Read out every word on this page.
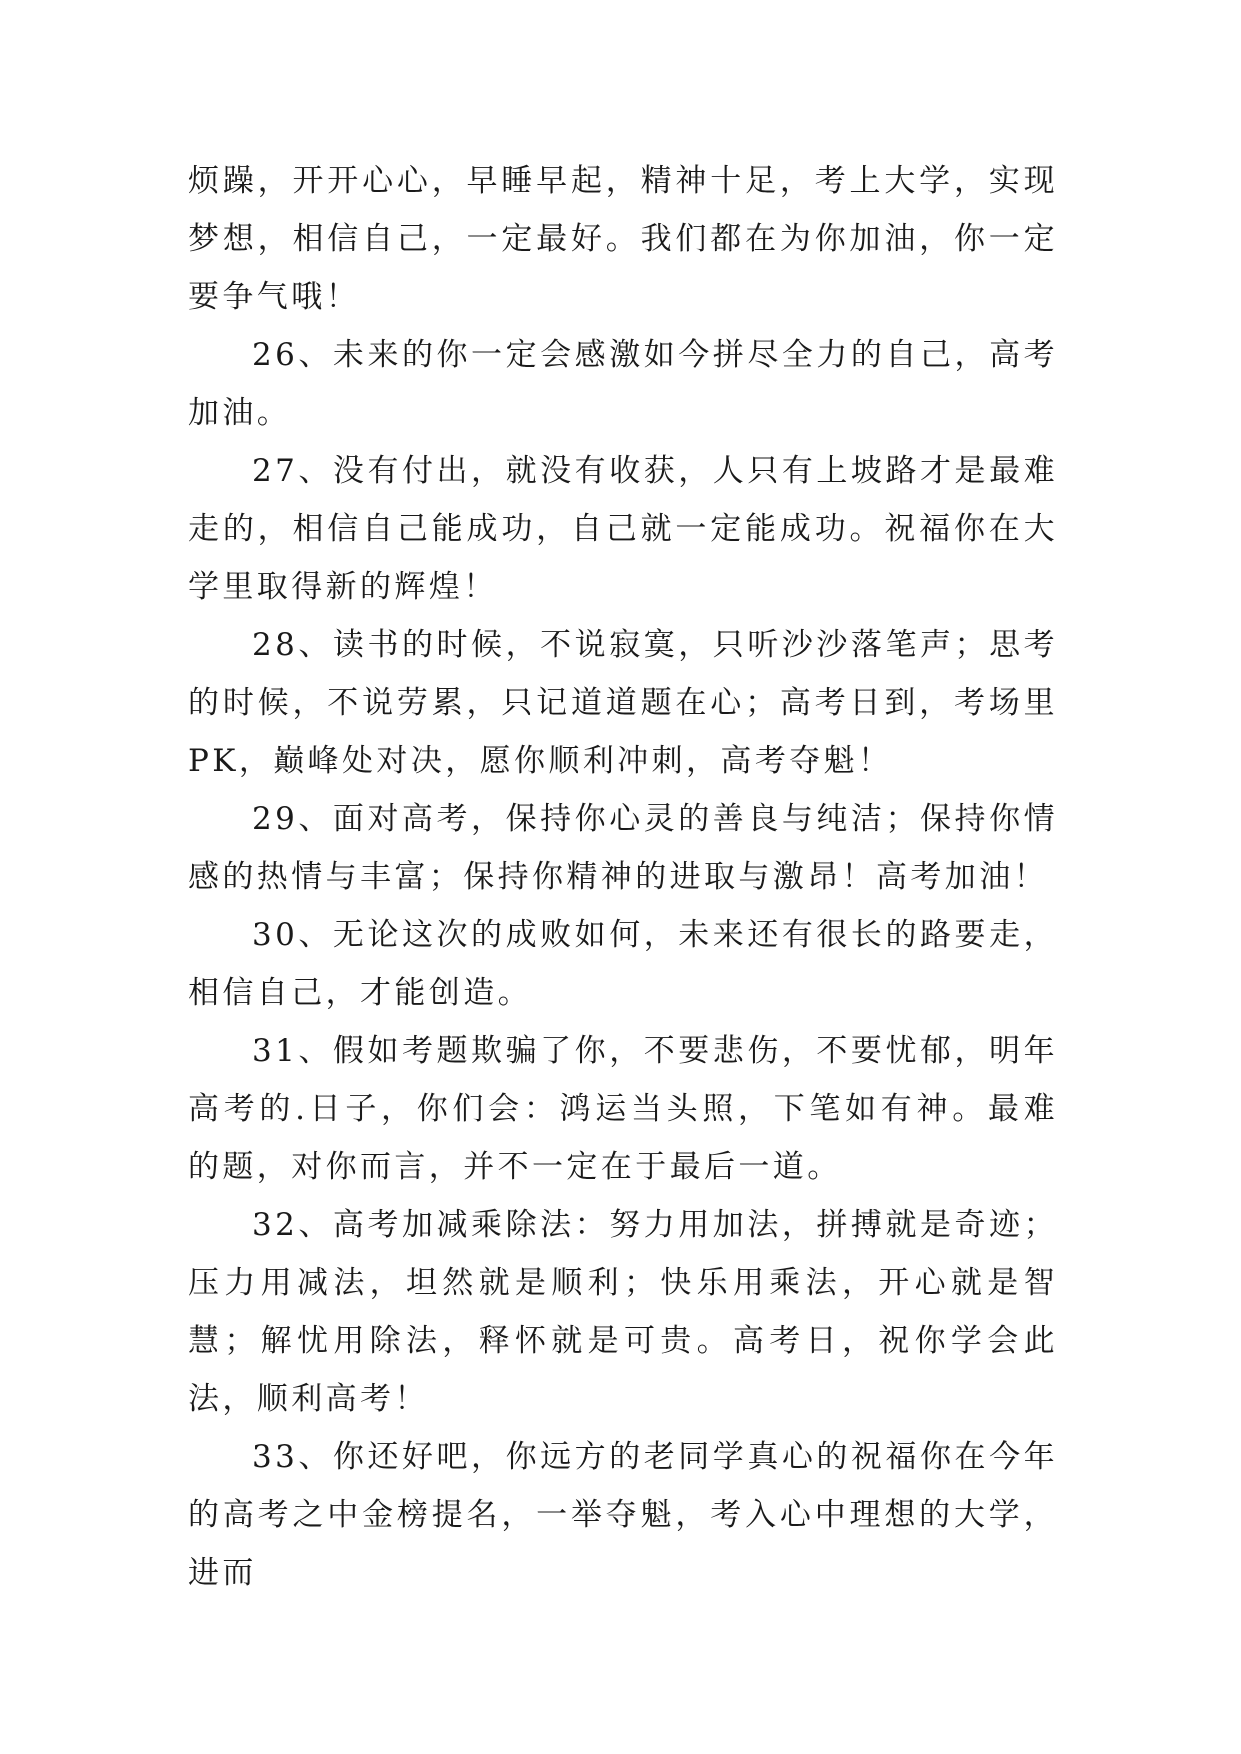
烦躁，开开心心，早睡早起，精神十足，考上大学，实现梦想，相信自己，一定最好。我们都在为你加油，你一定要争气哦！

26、未来的你一定会感激如今拼尽全力的自己，高考加油。

27、没有付出，就没有收获，人只有上坡路才是最难走的，相信自己能成功，自己就一定能成功。祝福你在大学里取得新的辉煌！

28、读书的时候，不说寂寞，只听沙沙落笔声；思考的时候，不说劳累，只记道道题在心；高考日到，考场里PK，巅峰处对决，愿你顺利冲刺，高考夺魁！

29、面对高考，保持你心灵的善良与纯洁；保持你情感的热情与丰富；保持你精神的进取与激昂！高考加油！

30、无论这次的成败如何，未来还有很长的路要走，相信自己，才能创造。

31、假如考题欺骗了你，不要悲伤，不要忧郁，明年高考的.日子，你们会：鸿运当头照，下笔如有神。最难的题，对你而言，并不一定在于最后一道。

32、高考加减乘除法：努力用加法，拼搏就是奇迹；压力用减法，坦然就是顺利；快乐用乘法，开心就是智慧；解忧用除法，释怀就是可贵。高考日，祝你学会此法，顺利高考！

33、你还好吧，你远方的老同学真心的祝福你在今年的高考之中金榜提名，一举夺魁，考入心中理想的大学，进而
